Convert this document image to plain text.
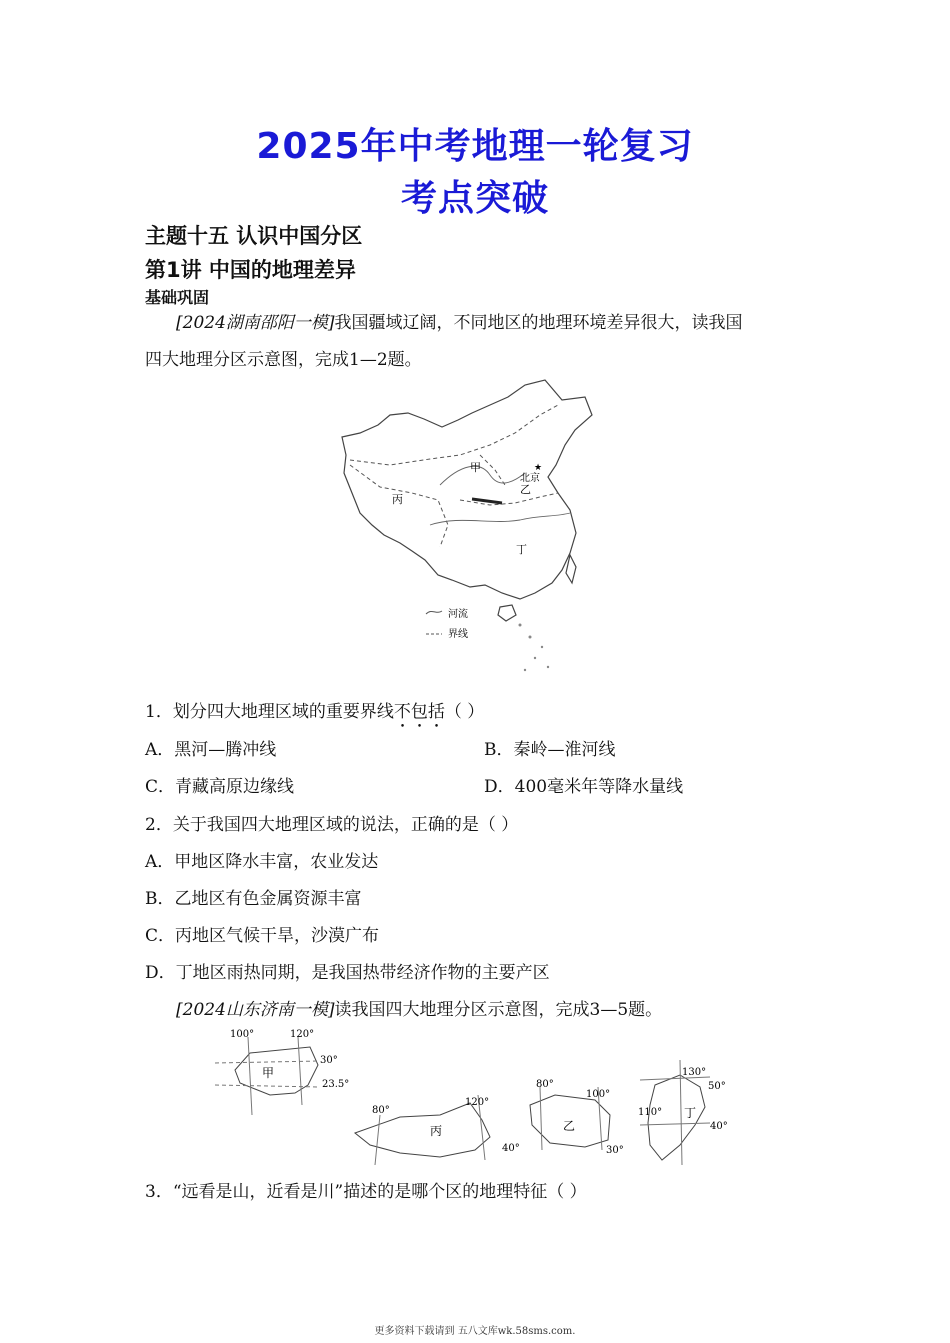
2025年中考地理一轮复习
考点突破
主题十五 认识中国分区
第1讲 中国的地理差异
基础巩固
[2024湖南邵阳一模]我国疆域辽阔，不同地区的地理环境差异很大，读我国
四大地理分区示意图，完成1—2题。
甲
乙
丙
丁
★
北京
河流
界线
1．划分四大地理区域的重要界线不包括（ ）
A．黑河—腾冲线	B．秦岭—淮河线
C．青藏高原边缘线	D．400毫米年等降水量线
2．关于我国四大地理区域的说法，正确的是（ ）
A．甲地区降水丰富，农业发达
B．乙地区有色金属资源丰富
C．丙地区气候干旱，沙漠广布
D．丁地区雨热同期，是我国热带经济作物的主要产区
[2024山东济南一模]读我国四大地理分区示意图，完成3—5题。
甲
100°	120°
30°
23.5°
丙
80°
120°
40°
乙
80°
100°
30°
丁
130°
50°
110°
40°
3．“远看是山，近看是川”描述的是哪个区的地理特征（ ）
更多资料下载请到 五八文库wk.58sms.com.
